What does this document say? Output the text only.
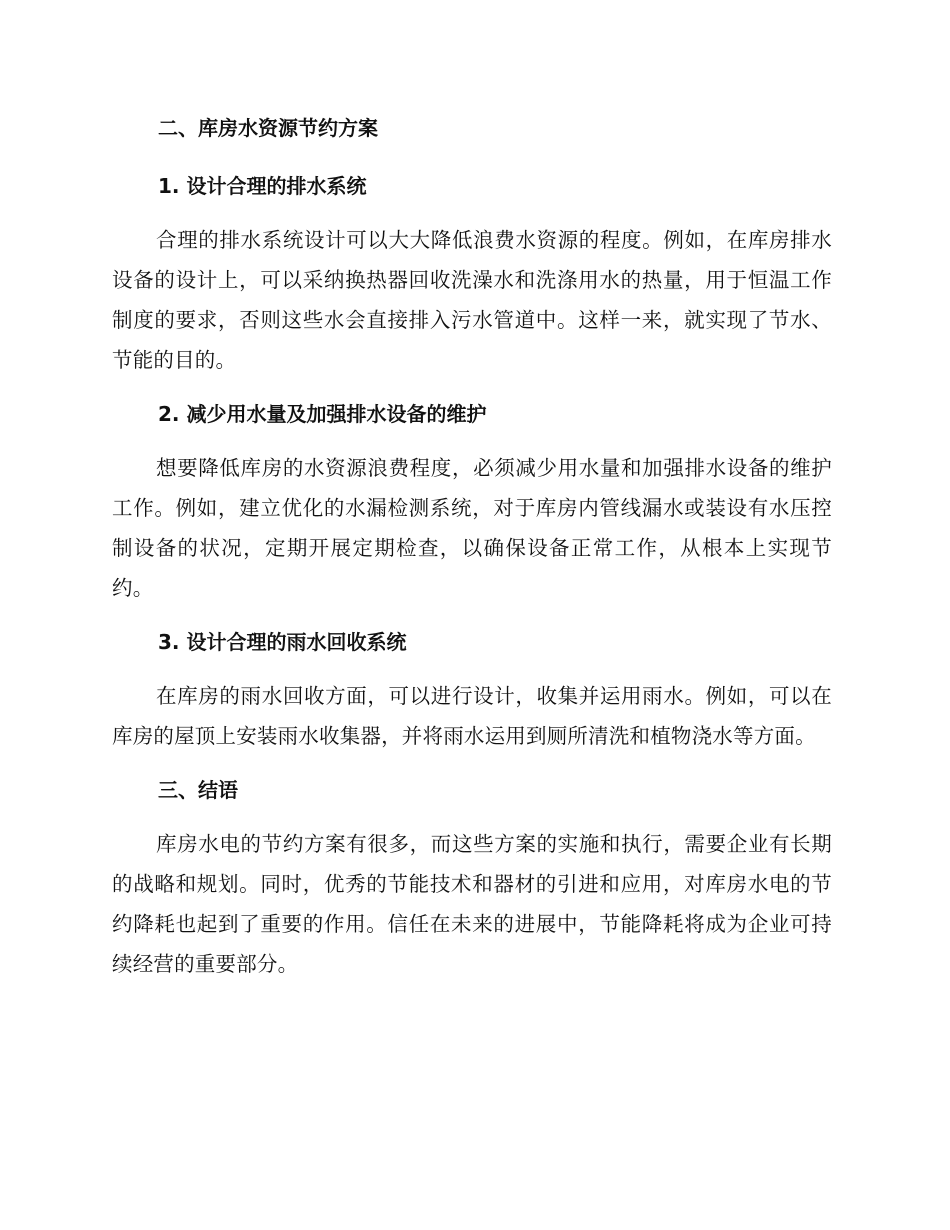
二、库房水资源节约方案
1. 设计合理的排水系统

合理的排水系统设计可以大大降低浪费水资源的程度。例如，在库房排水设备的设计上，可以采纳换热器回收洗澡水和洗涤用水的热量，用于恒温工作制度的要求，否则这些水会直接排入污水管道中。这样一来，就实现了节水、节能的目的。

2. 减少用水量及加强排水设备的维护

想要降低库房的水资源浪费程度，必须减少用水量和加强排水设备的维护工作。例如，建立优化的水漏检测系统，对于库房内管线漏水或装设有水压控制设备的状况，定期开展定期检查，以确保设备正常工作，从根本上实现节约。

3. 设计合理的雨水回收系统

在库房的雨水回收方面，可以进行设计，收集并运用雨水。例如，可以在库房的屋顶上安装雨水收集器，并将雨水运用到厕所清洗和植物浇水等方面。

三、结语

库房水电的节约方案有很多，而这些方案的实施和执行，需要企业有长期的战略和规划。同时，优秀的节能技术和器材的引进和应用，对库房水电的节约降耗也起到了重要的作用。信任在未来的进展中，节能降耗将成为企业可持续经营的重要部分。
